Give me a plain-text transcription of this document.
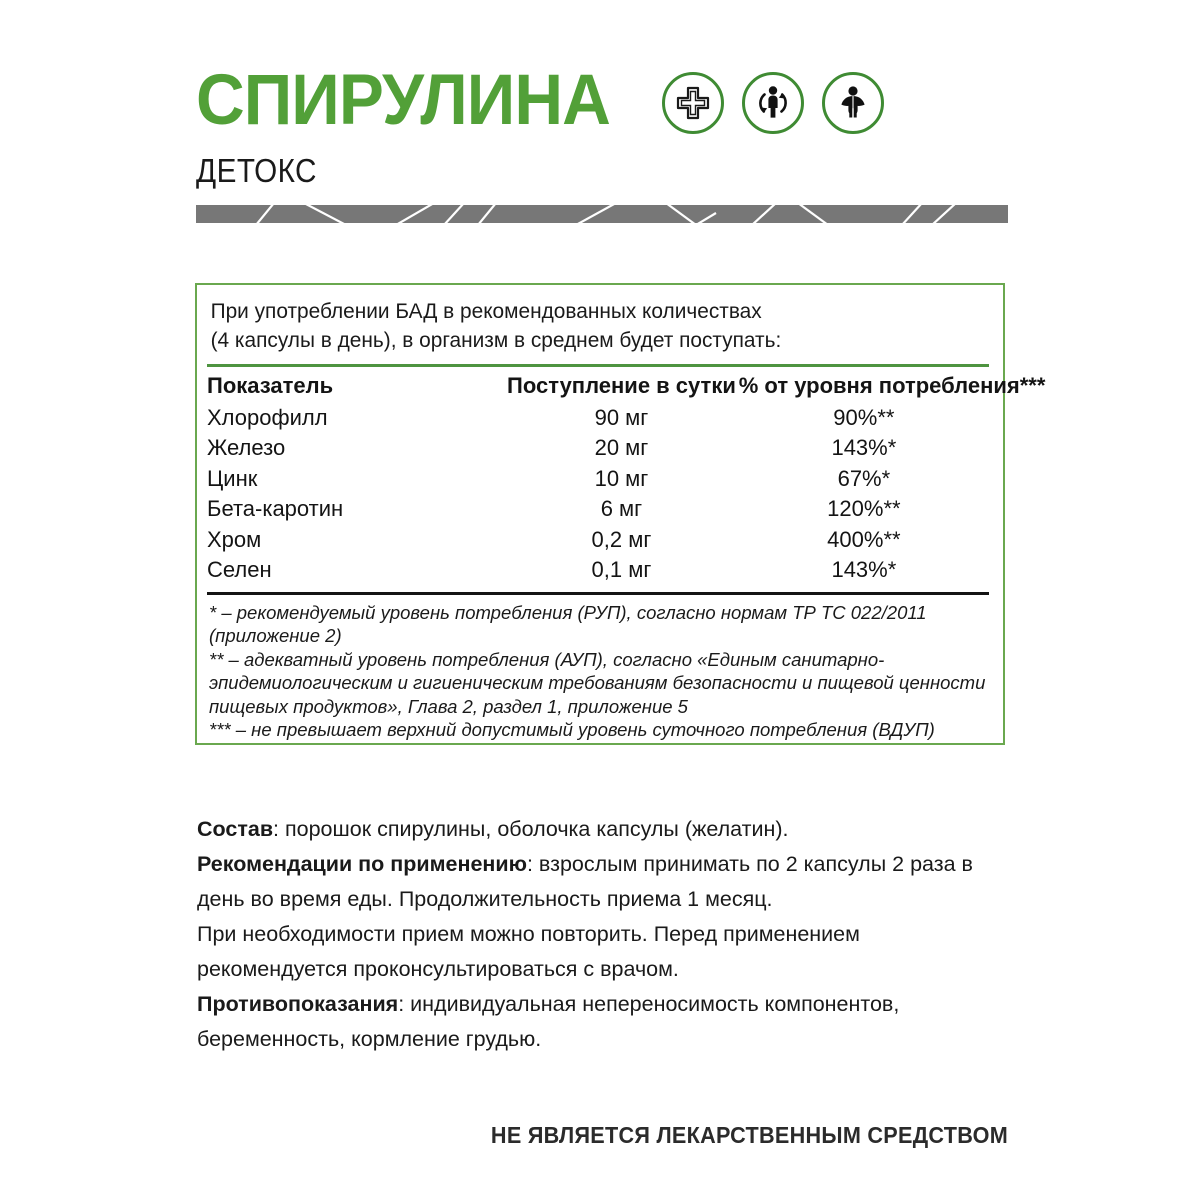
СПИРУЛИНА
ДЕТОКС
При употреблении БАД в рекомендованных количествах
(4 капсулы в день), в организм в среднем будет поступать:
Показатель	Поступление в сутки	% от уровня потребления***
Хлорофилл	90 мг	90%**
Железо	20 мг	143%*
Цинк	10 мг	67%*
Бета-каротин	6 мг	120%**
Хром	0,2 мг	400%**
Селен	0,1 мг	143%*

* – рекомендуемый уровень потребления (РУП), согласно нормам ТР ТС 022/2011 (приложение 2)

** – адекватный уровень потребления (АУП), согласно «Единым санитарно-эпидемиологическим и гигиеническим требованиям безопасности и пищевой ценности пищевых продуктов», Глава 2, раздел 1, приложение 5

*** – не превышает верхний допустимый уровень суточного потребления (ВДУП)

Состав: порошок спирулины, оболочка капсулы (желатин).

Рекомендации по применению: взрослым принимать по 2 капсулы 2 раза в день во время еды. Продолжительность приема 1 месяц.

При необходимости прием можно повторить. Перед применением рекомендуется проконсультироваться с врачом.

Противопоказания: индивидуальная непереносимость компонентов, беременность, кормление грудью.

НЕ ЯВЛЯЕТСЯ ЛЕКАРСТВЕННЫМ СРЕДСТВОМ
